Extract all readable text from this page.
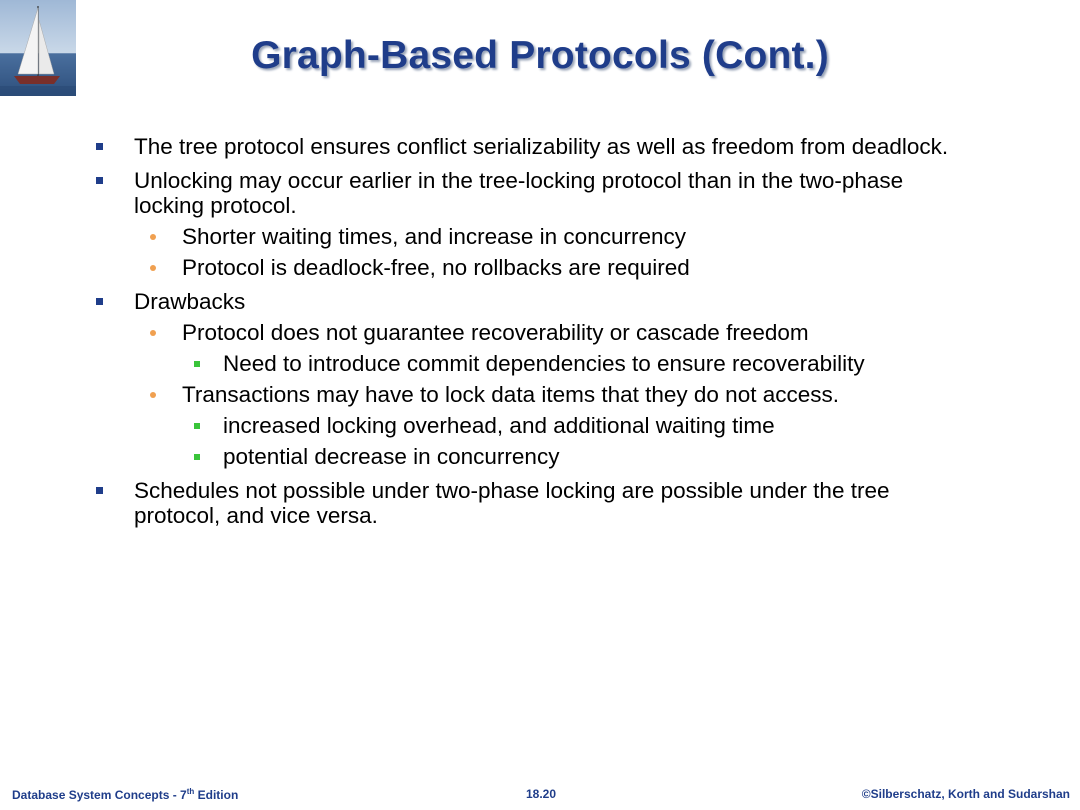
Graph-Based Protocols (Cont.)
The tree protocol ensures conflict serializability as well as freedom from deadlock.
Unlocking may occur earlier in the tree-locking protocol than in the two-phase locking protocol.
Shorter waiting times, and increase in concurrency
Protocol is deadlock-free, no rollbacks are required
Drawbacks
Protocol does not guarantee recoverability or cascade freedom
Need to introduce commit dependencies to ensure recoverability
Transactions may have to lock data items that they do not access.
increased locking overhead, and additional waiting time
potential decrease in concurrency
Schedules not possible under two-phase locking are possible under the tree protocol, and vice versa.
Database System Concepts - 7th Edition	18.20	©Silberschatz, Korth and Sudarshan
